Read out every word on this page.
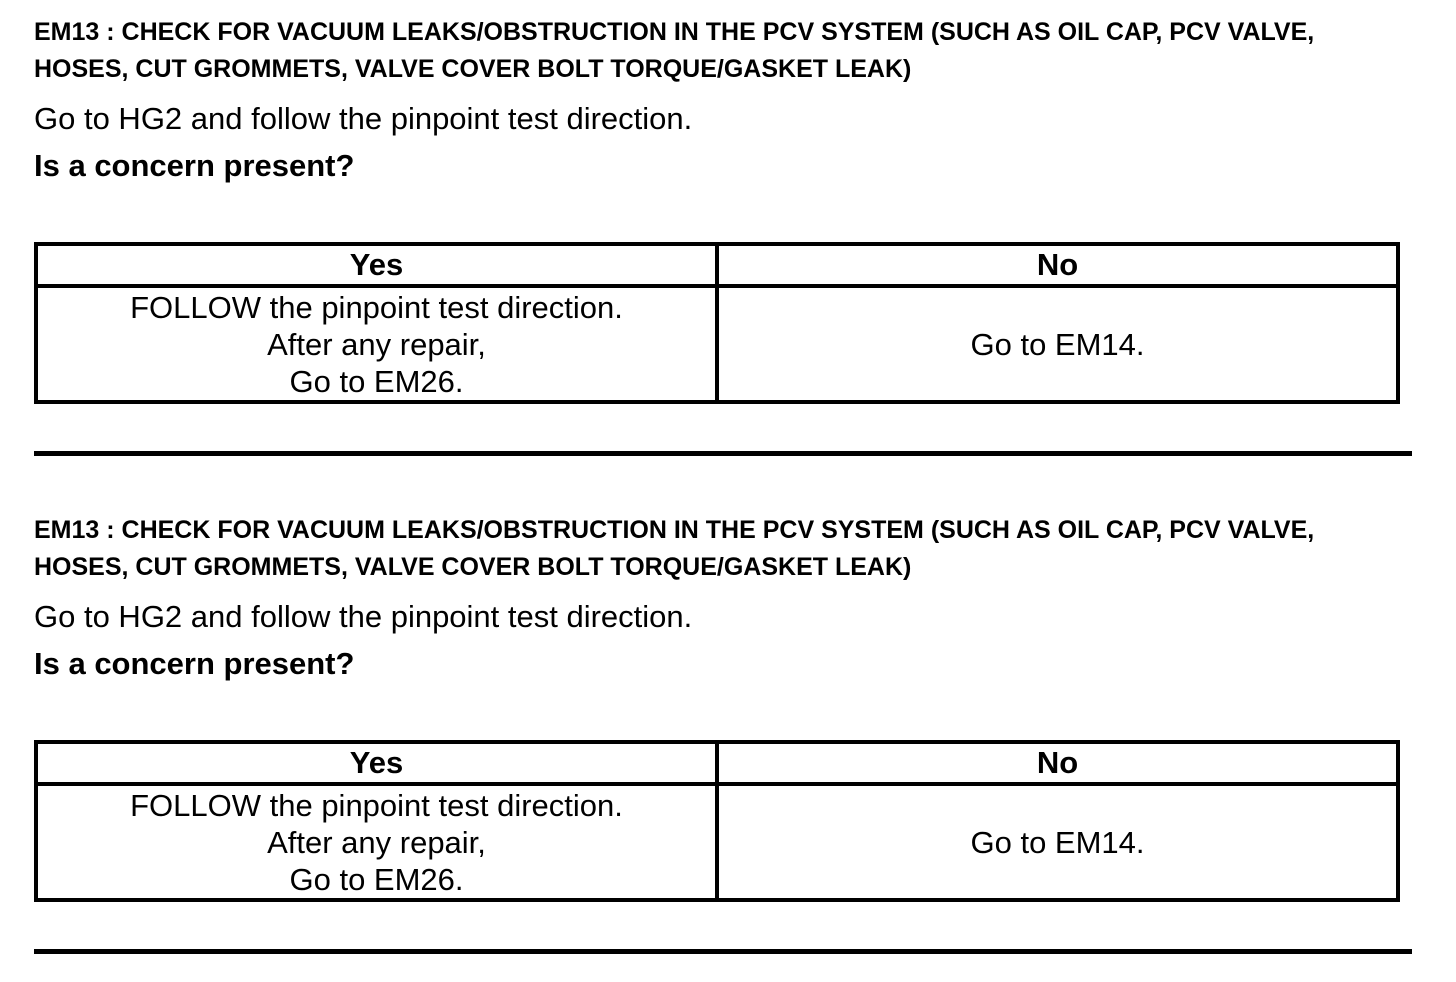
EM13 : CHECK FOR VACUUM LEAKS/OBSTRUCTION IN THE PCV SYSTEM (SUCH AS OIL CAP, PCV VALVE, HOSES, CUT GROMMETS, VALVE COVER BOLT TORQUE/GASKET LEAK)

Go to HG2 and follow the pinpoint test direction.

Is a concern present?

Yes	No

FOLLOW the pinpoint test direction.
After any repair,
Go to EM26.	Go to EM14.

EM13 : CHECK FOR VACUUM LEAKS/OBSTRUCTION IN THE PCV SYSTEM (SUCH AS OIL CAP, PCV VALVE, HOSES, CUT GROMMETS, VALVE COVER BOLT TORQUE/GASKET LEAK)

Go to HG2 and follow the pinpoint test direction.

Is a concern present?

Yes	No

FOLLOW the pinpoint test direction.
After any repair,
Go to EM26.	Go to EM14.
